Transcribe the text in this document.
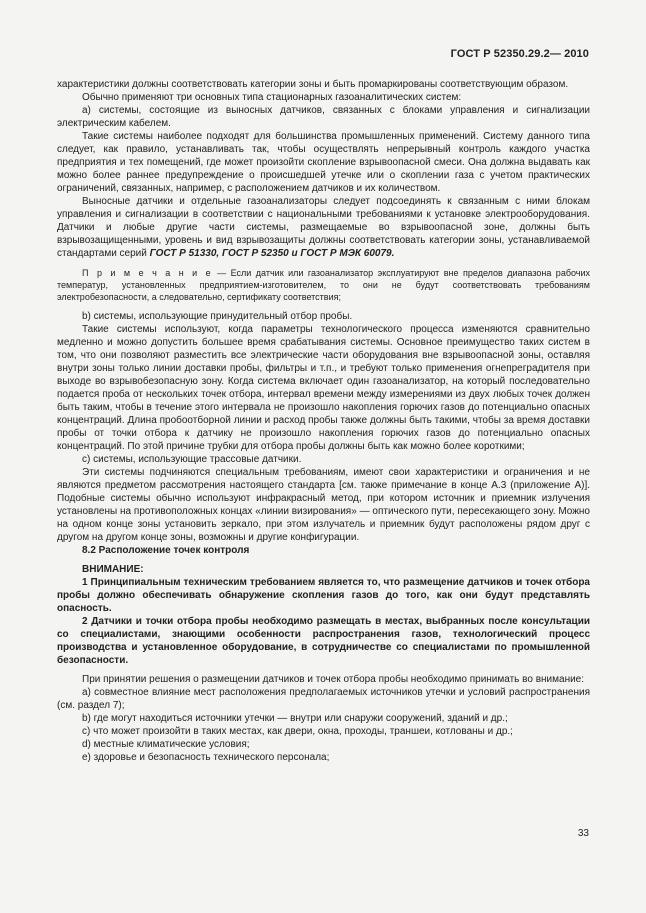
ГОСТ Р 52350.29.2— 2010

характеристики должны соответствовать категории зоны и быть промаркированы соответствующим образом.

Обычно применяют три основных типа стационарных газоаналитических систем:

а) системы, состоящие из выносных датчиков, связанных с блоками управления и сигнализации электрическим кабелем.

Такие системы наиболее подходят для большинства промышленных применений. Систему данного типа следует, как правило, устанавливать так, чтобы осуществлять непрерывный контроль каждого участка предприятия и тех помещений, где может произойти скопление взрывоопасной смеси. Она должна выдавать как можно более раннее предупреждение о происшедшей утечке или о скоплении газа с учетом практических ограничений, связанных, например, с расположением датчиков и их количеством.

Выносные датчики и отдельные газоанализаторы следует подсоединять к связанным с ними блокам управления и сигнализации в соответствии с национальными требованиями к установке электрооборудования. Датчики и любые другие части системы, размещаемые во взрывоопасной зоне, должны быть взрывозащищенными, уровень и вид взрывозащиты должны соответствовать категории зоны, устанавливаемой стандартами серий ГОСТ Р 51330, ГОСТ Р 52350 и ГОСТ Р МЭК 60079.

П р и м е ч а н и е — Если датчик или газоанализатор эксплуатируют вне пределов диапазона рабочих температур, установленных предприятием-изготовителем, то они не будут соответствовать требованиям электробезопасности, а следовательно, сертификату соответствия;

b) системы, использующие принудительный отбор пробы.

Такие системы используют, когда параметры технологического процесса изменяются сравнительно медленно и можно допустить большее время срабатывания системы. Основное преимущество таких систем в том, что они позволяют разместить все электрические части оборудования вне взрывоопасной зоны, оставляя внутри зоны только линии доставки пробы, фильтры и т.п., и требуют только применения огнепреградителя при выходе во взрывобезопасную зону. Когда система включает один газоанализатор, на который последовательно подается проба от нескольких точек отбора, интервал времени между измерениями из двух любых точек должен быть таким, чтобы в течение этого интервала не произошло накопления горючих газов до потенциально опасных концентраций. Длина пробоотборной линии и расход пробы также должны быть такими, чтобы за время доставки пробы от точки отбора к датчику не произошло накопления горючих газов до потенциально опасных концентраций. По этой причине трубки для отбора пробы должны быть как можно более короткими;

с) системы, использующие трассовые датчики.

Эти системы подчиняются специальным требованиям, имеют свои характеристики и ограничения и не являются предметом рассмотрения настоящего стандарта [см. также примечание в конце А.3 (приложение А)]. Подобные системы обычно используют инфракрасный метод, при котором источник и приемник излучения установлены на противоположных концах «линии визирования» — оптического пути, пересекающего зону. Можно на одном конце зоны установить зеркало, при этом излучатель и приемник будут расположены рядом друг с другом на другом конце зоны, возможны и другие конфигурации.

8.2 Расположение точек контроля

ВНИМАНИЕ:

1 Принципиальным техническим требованием является то, что размещение датчиков и точек отбора пробы должно обеспечивать обнаружение скопления газов до того, как они будут представлять опасность.

2 Датчики и точки отбора пробы необходимо размещать в местах, выбранных после консультации со специалистами, знающими особенности распространения газов, технологический процесс производства и установленное оборудование, в сотрудничестве со специалистами по промышленной безопасности.

При принятии решения о размещении датчиков и точек отбора пробы необходимо принимать во внимание:

а) совместное влияние мест расположения предполагаемых источников утечки и условий распространения (см. раздел 7);

b) где могут находиться источники утечки — внутри или снаружи сооружений, зданий и др.;

с) что может произойти в таких местах, как двери, окна, проходы, траншеи, котлованы и др.;

d) местные климатические условия;

е) здоровье и безопасность технического персонала;

33
